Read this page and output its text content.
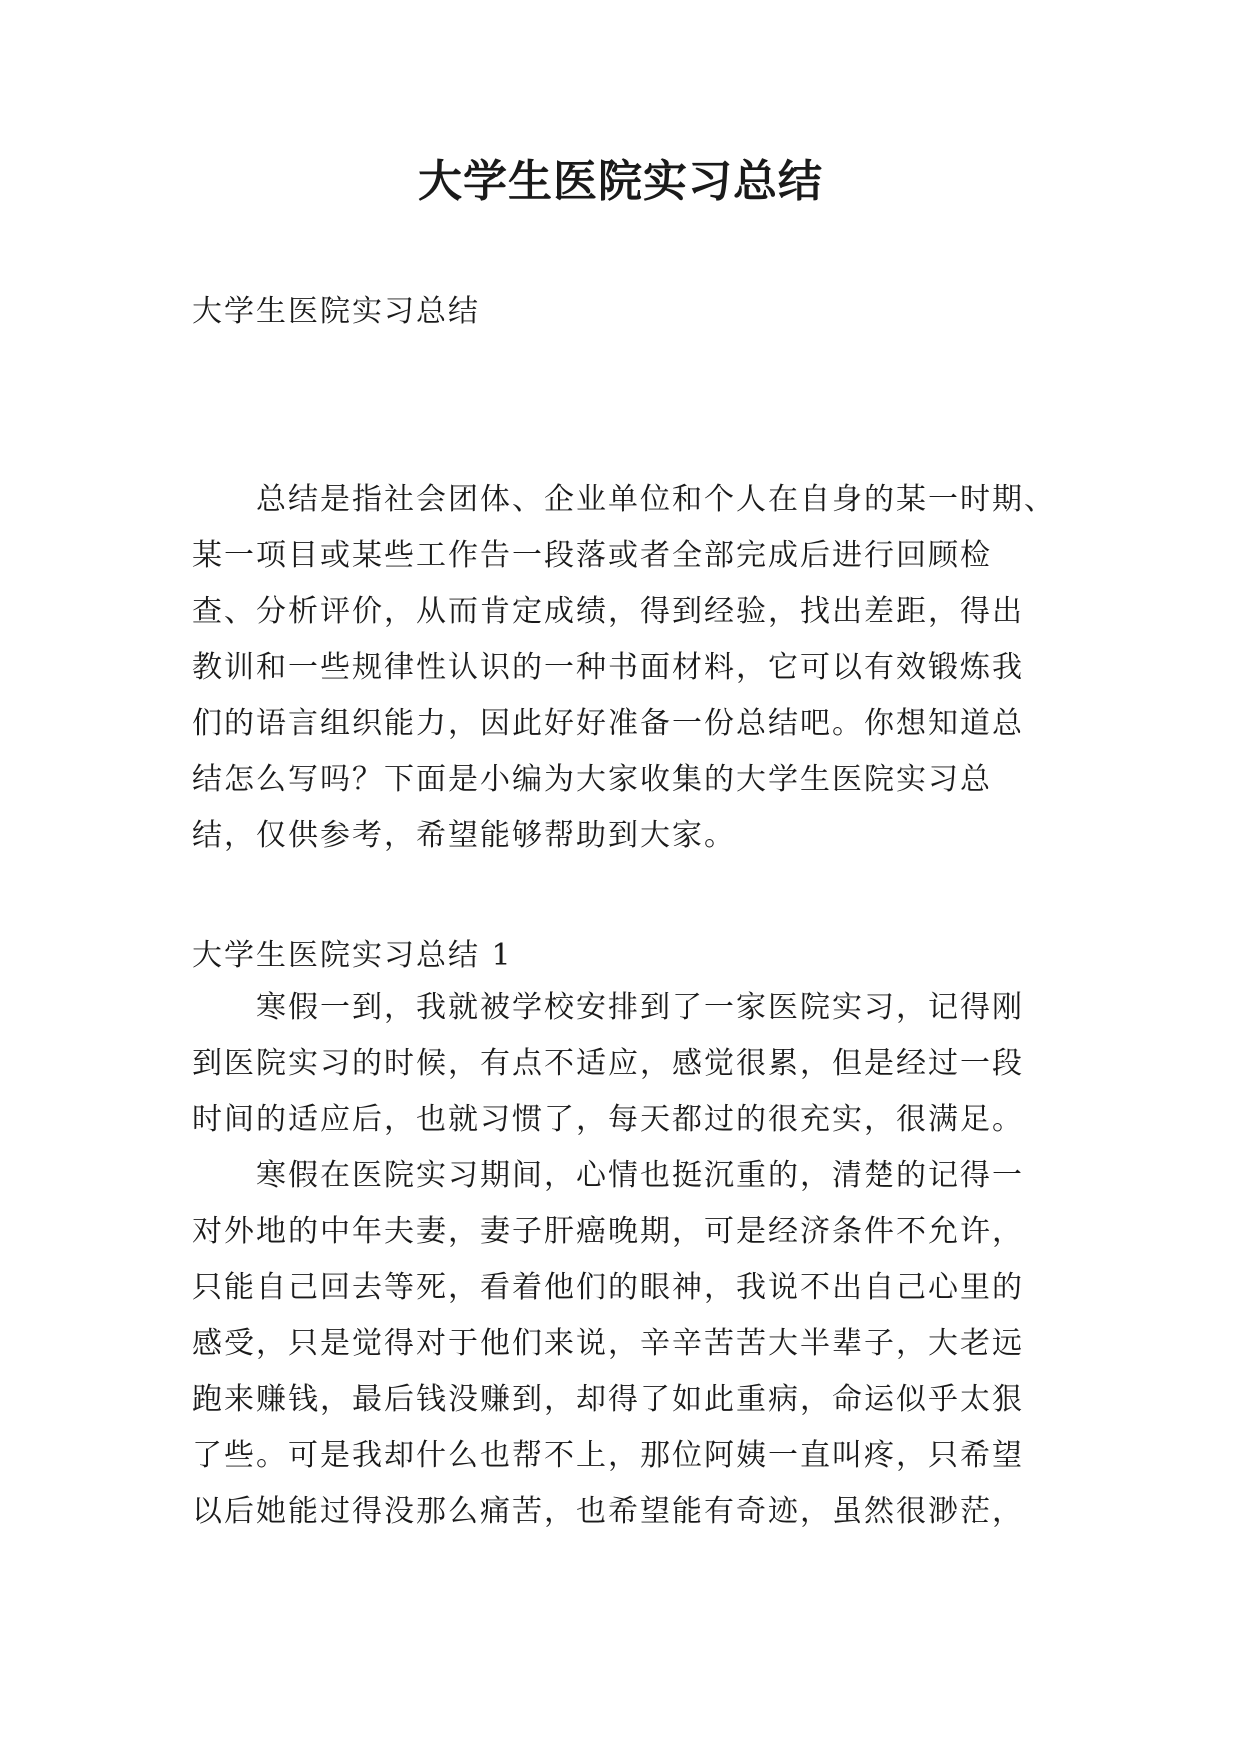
大学生医院实习总结
大学生医院实习总结
总结是指社会团体、企业单位和个人在自身的某一时期、
某一项目或某些工作告一段落或者全部完成后进行回顾检
查、分析评价，从而肯定成绩，得到经验，找出差距，得出
教训和一些规律性认识的一种书面材料，它可以有效锻炼我
们的语言组织能力，因此好好准备一份总结吧。你想知道总
结怎么写吗？下面是小编为大家收集的大学生医院实习总
结，仅供参考，希望能够帮助到大家。
大学生医院实习总结 1
寒假一到，我就被学校安排到了一家医院实习，记得刚
到医院实习的时候，有点不适应，感觉很累，但是经过一段
时间的适应后，也就习惯了，每天都过的很充实，很满足。
寒假在医院实习期间，心情也挺沉重的，清楚的记得一
对外地的中年夫妻，妻子肝癌晚期，可是经济条件不允许，
只能自己回去等死，看着他们的眼神，我说不出自己心里的
感受，只是觉得对于他们来说，辛辛苦苦大半辈子，大老远
跑来赚钱，最后钱没赚到，却得了如此重病，命运似乎太狠
了些。可是我却什么也帮不上，那位阿姨一直叫疼，只希望
以后她能过得没那么痛苦，也希望能有奇迹，虽然很渺茫，
